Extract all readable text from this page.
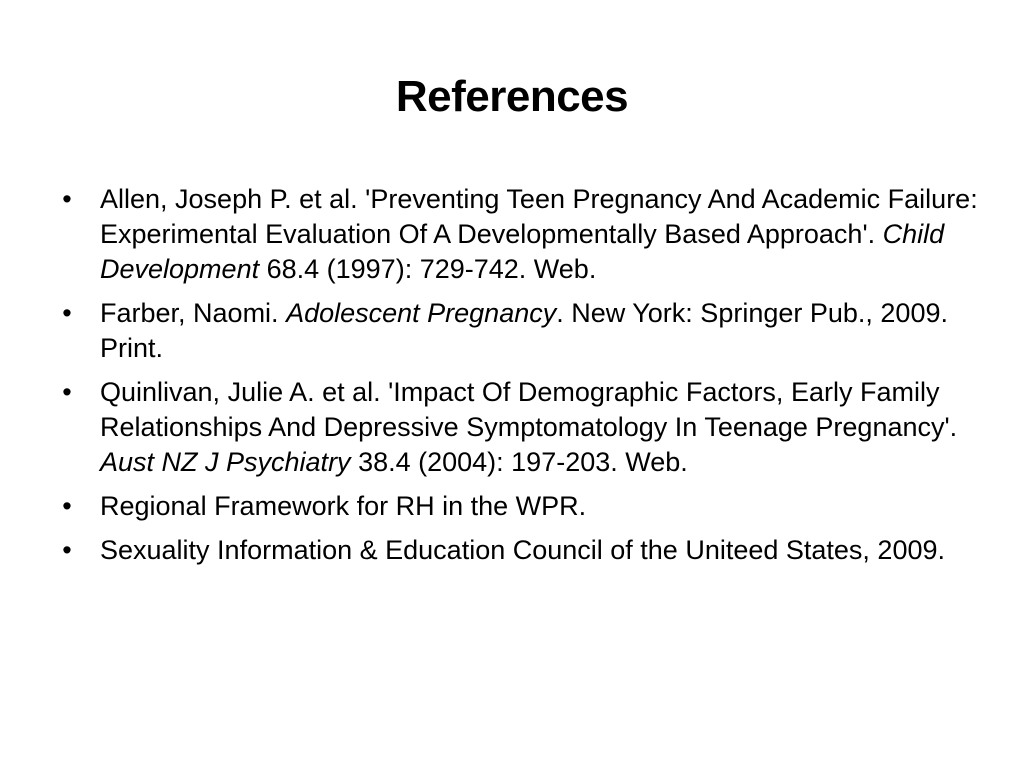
References
• Allen, Joseph P. et al. 'Preventing Teen Pregnancy And Academic Failure: Experimental Evaluation Of A Developmentally Based Approach'. Child Development 68.4 (1997): 729-742. Web.
• Farber, Naomi. Adolescent Pregnancy. New York: Springer Pub., 2009. Print.
• Quinlivan, Julie A. et al. 'Impact Of Demographic Factors, Early Family Relationships And Depressive Symptomatology In Teenage Pregnancy'. Aust NZ J Psychiatry 38.4 (2004): 197-203. Web.
• Regional Framework for RH in the WPR.
• Sexuality Information & Education Council of the Uniteed States, 2009.
